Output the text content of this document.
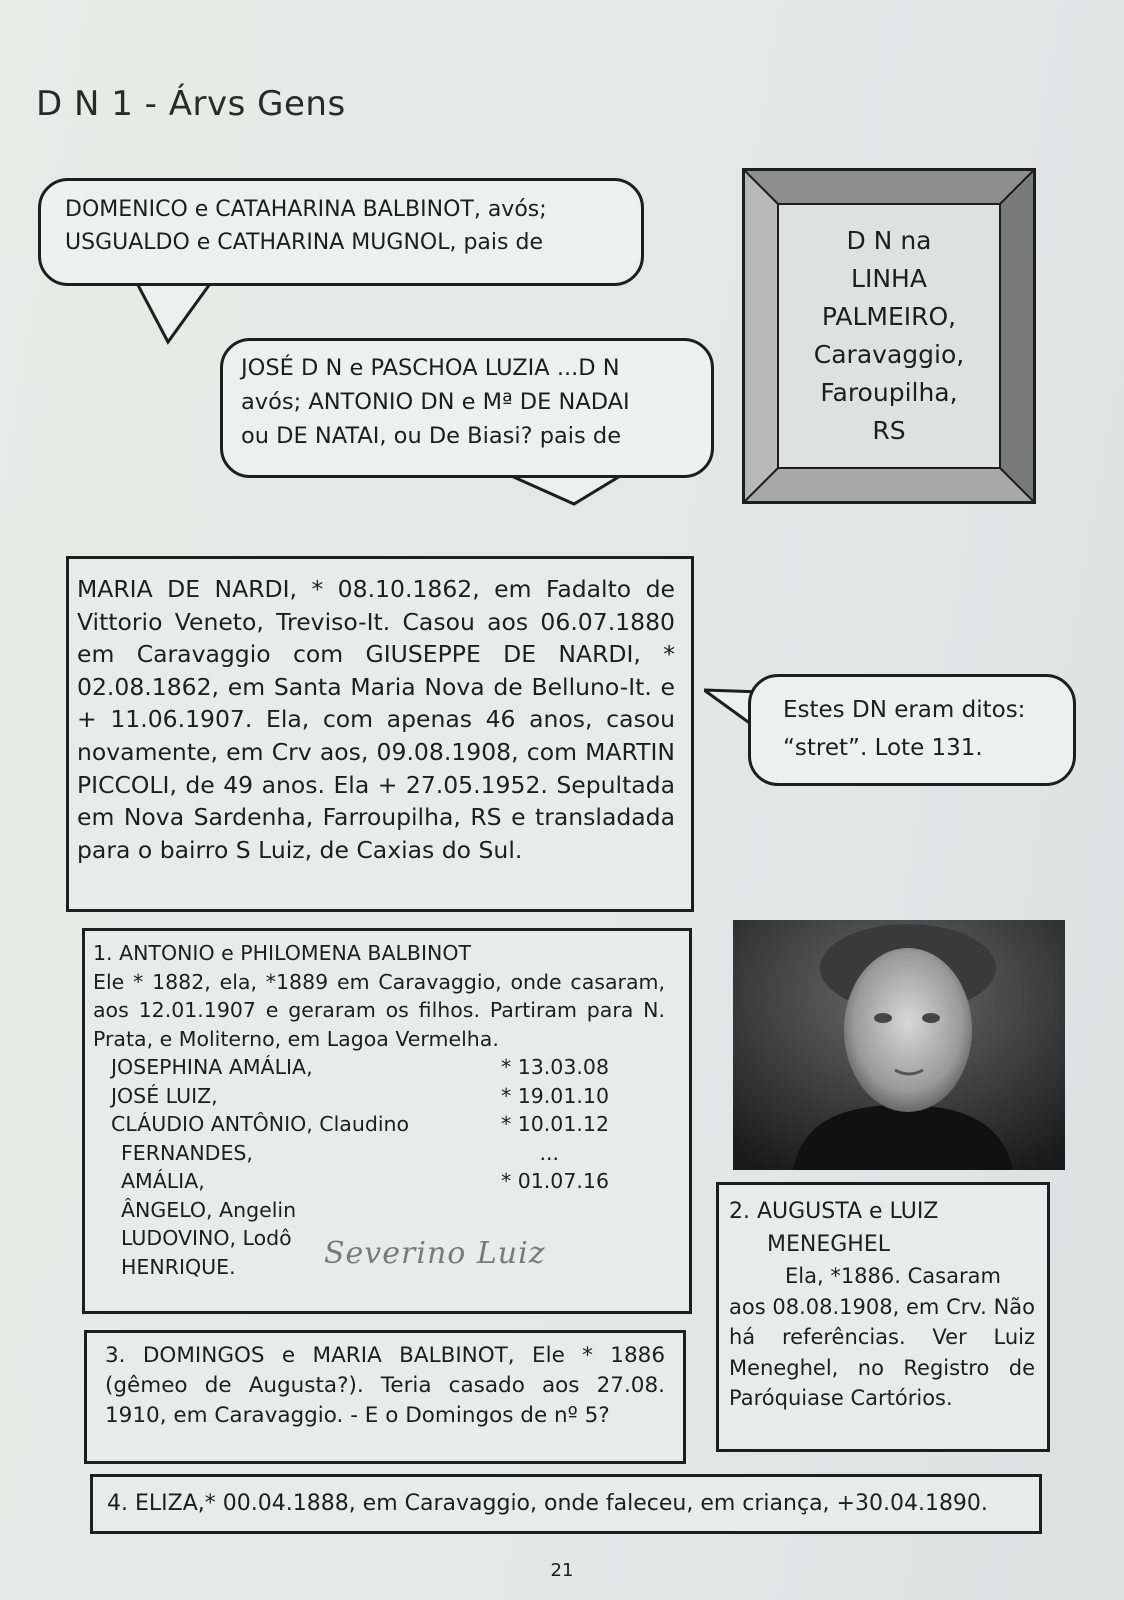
D N 1 - Árvs Gens
DOMENICO e CATAHARINA BALBINOT, avós;
USGUALDO e CATHARINA MUGNOL, pais de
JOSÉ D N e PASCHOA LUZIA ...D N
avós; ANTONIO DN e Mª DE NADAI
ou DE NATAI, ou De Biasi? pais de
D N na
LINHA
PALMEIRO,
Caravaggio,
Faroupilha,
RS
MARIA DE NARDI, * 08.10.1862, em Fadalto de Vittorio Veneto, Treviso-It. Casou aos 06.07.1880 em Caravaggio com GIUSEPPE DE NARDI, * 02.08.1862, em Santa Maria Nova de Belluno-It. e + 11.06.1907. Ela, com apenas 46 anos, casou novamente, em Crv aos, 09.08.1908, com MARTIN PICCOLI, de 49 anos. Ela + 27.05.1952. Sepultada em Nova Sardenha, Farroupilha, RS e transladada para o bairro S Luiz, de Caxias do Sul.
Estes DN eram ditos:
“stret”. Lote 131.
1. ANTONIO e PHILOMENA BALBINOT
Ele * 1882, ela, *1889 em Caravaggio, onde casaram, aos 12.01.1907 e geraram os filhos. Partiram para N. Prata, e Moliterno, em Lagoa Vermelha.
JOSEPHINA AMÁLIA,	* 13.03.08
JOSÉ LUIZ,	* 19.01.10
CLÁUDIO ANTÔNIO, Claudino	* 10.01.12
FERNANDES,	...
AMÁLIA,	* 01.07.16
ÂNGELO, Angelin
LUDOVINO, Lodô
HENRIQUE.	Severino Luiz
2. AUGUSTA e LUIZ
MENEGHEL
Ela, *1886. Casaram
aos 08.08.1908, em Crv. Não há referências. Ver Luiz Meneghel, no Registro de Paróquiase Cartórios.
3. DOMINGOS e MARIA BALBINOT, Ele * 1886 (gêmeo de Augusta?). Teria casado aos 27.08. 1910, em Caravaggio. - E o Domingos de nº 5?
4. ELIZA,* 00.04.1888, em Caravaggio, onde faleceu, em criança, +30.04.1890.
21
